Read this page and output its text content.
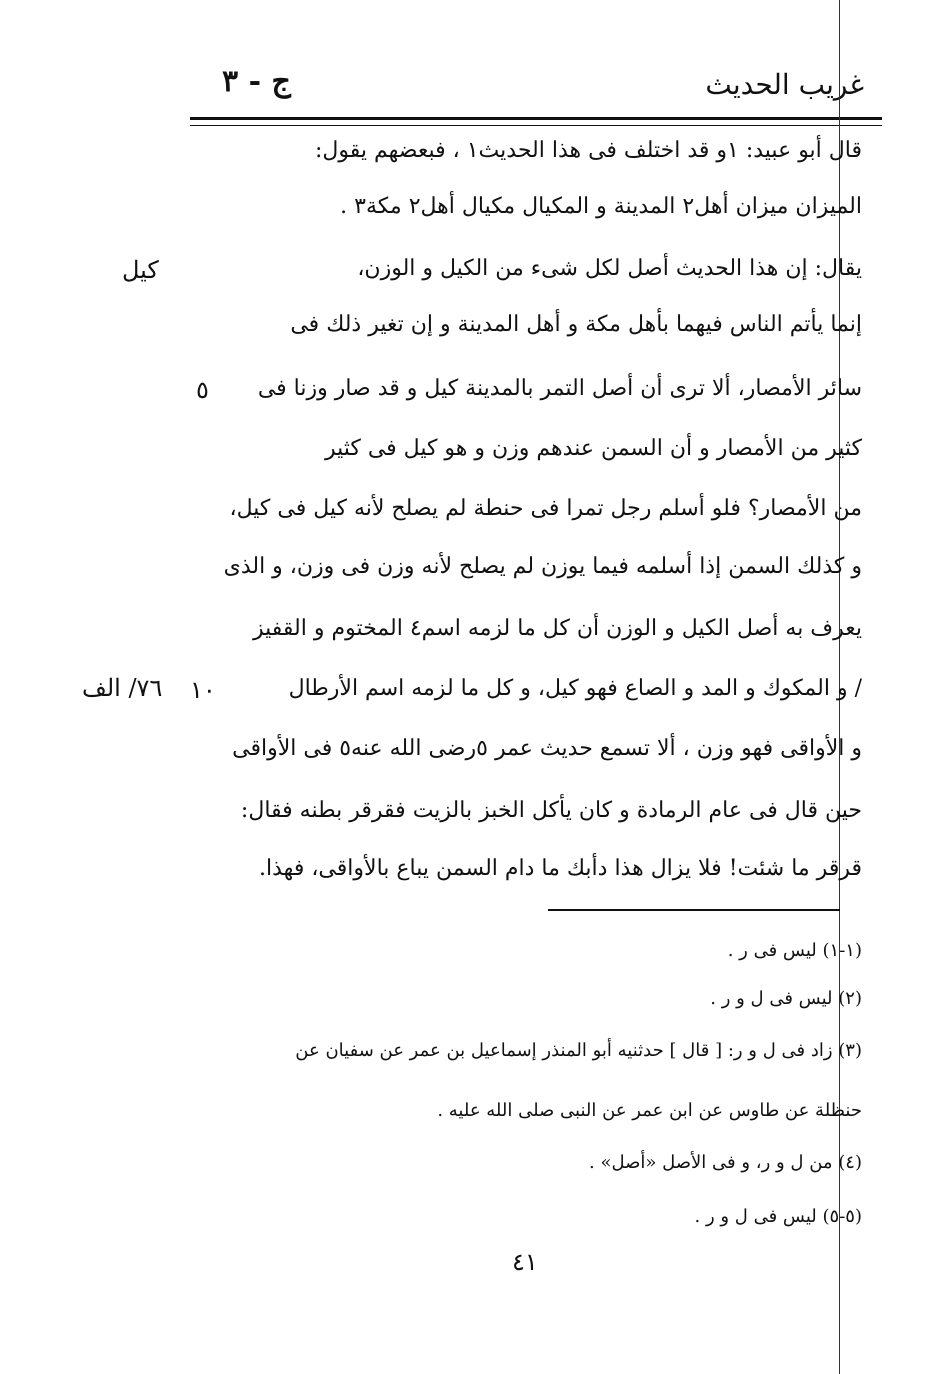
غريب الحديث
ج - ٣
قال أبو عبيد: ١و قد اختلف فى هذا الحديث١ ، فبعضهم يقول:
الميزان ميزان أهل٢ المدينة و المكيال مكيال أهل٢ مكة٣ .
يقال: إن هذا الحديث أصل لكل شىء من الكيل و الوزن،
إنما يأتم الناس فيهما بأهل مكة و أهل المدينة و إن تغير ذلك فى
سائر الأمصار، ألا ترى أن أصل التمر بالمدينة كيل و قد صار وزنا فى
كثير من الأمصار و أن السمن عندهم وزن و هو كيل فى كثير
من الأمصار؟ فلو أسلم رجل تمرا فى حنطة لم يصلح لأنه كيل فى كيل،
و كذلك السمن إذا أسلمه فيما يوزن لم يصلح لأنه وزن فى وزن، و الذى
يعرف به أصل الكيل و الوزن أن كل ما لزمه اسم٤ المختوم و القفيز
/ و المكوك و المد و الصاع فهو كيل، و كل ما لزمه اسم الأرطال
و الأواقى فهو وزن ، ألا تسمع حديث عمر ٥رضى الله عنه٥ فى الأواقى
حين قال فى عام الرمادة و كان يأكل الخبز بالزيت فقرقر بطنه فقال:
قرقر ما شئت! فلا يزال هذا دأبك ما دام السمن يباع بالأواقى، فهذا.
كيل
٥
٧٦/ الف ١٠
(١-١) ليس فى ر .
(٢) ليس فى ل و ر .
(٣) زاد فى ل و ر: [ قال ] حدثنيه أبو المنذر إسماعيل بن عمر عن سفيان عن
حنظلة عن طاوس عن ابن عمر عن النبى صلى الله عليه .
(٤) من ل و ر، و فى الأصل «أصل» .
(٥-٥) ليس فى ل و ر .
٤١
